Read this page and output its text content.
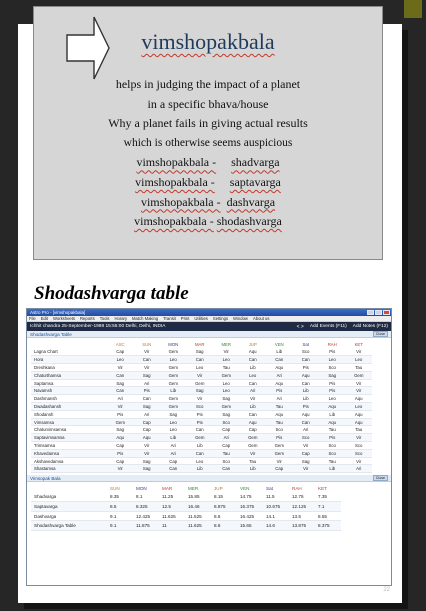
vimshopakbala
helps in judging the impact of a planet
in a specific bhava/house
Why a planet fails in giving actual results
which is otherwise seems auspicious
vimshopakbala - shadvarga
vimshopakbala - saptavarga
vimshopakbala - dashvarga
vimshopakbala - shodashvarga
Shodashvarga table
Astro Pro - [vimshopakbala]
File Edit Worksheets Reports Tools Horary Match Making Transit Print Utilities Settings Window About us
Ichhit chandra 25-September-1988 15:55:00 Delhi, Delhi, INDIA	< > Add Events (F11) Add Notes (F12)
Shodashvarga Table	Close
	ASC	SUN	MON	MAR	MER	JUP	VEN	Sat	RAH	KET
Lagna Chart	Cap	Vir	Gem	Sag	Vir	Aqu	Lib	Sco	Pis	Vir
Hora	Leo	Can	Leo	Can	Leo	Can	Can	Can	Leo	Leo
Dreshkana	Vir	Vir	Gem	Leo	Tau	Lib	Aqu	Pis	Sco	Tau
Chaturthamsa	Can	Sag	Gem	Vir	Gem	Leo	Ari	Aqu	Sag	Gem
Saptamsa	Sag	Ari	Gem	Gem	Leo	Can	Aqu	Can	Pis	Vir
Navamsh	Can	Pis	Lib	Sag	Leo	Ari	Pis	Lib	Pis	Vir
Dashmansh	Ari	Can	Gem	Vir	Sag	Vir	Ari	Lib	Leo	Aqu
Dwadashansh	Vir	Sag	Gem	Sco	Gem	Lib	Tau	Pis	Aqu	Leo
Shodansh	Pis	Ari	Sag	Pis	Sag	Can	Aqu	Aqu	Lib	Aqu
Vimsamsa	Gem	Cap	Leo	Pis	Sco	Aqu	Tau	Can	Aqu	Aqu
Chaturvimsamsa	Sag	Cap	Leo	Can	Cap	Cap	Sco	Ari	Tau	Tau
Saptavimsamsa	Aqu	Aqu	Lib	Gem	Ari	Gem	Pis	Sco	Pis	Vir
Trimsamsa	Cap	Vir	Ari	Lib	Cap	Gem	Gem	Vir	Sco	Sco
Khavedamsa	Pis	Vir	Ari	Can	Tau	Vir	Gem	Cap	Sco	Sco
Akshavedamsa	Cap	Sag	Cap	Leo	Sco	Tau	Vir	Sag	Tau	Vir
Shastamsa	Vir	Sag	Can	Lib	Can	Lib	Cap	Vir	Lib	Ari
Vimsopak Bala	Close
	SUN	MON	MAR	MER	JUP	VEN	Sat	RAH	KET
Shadvarga	8.35	8.1	11.25	15.85	8.15	14.75	11.5	12.75	7.35
Saptavarga	8.5	8.325	12.5	16.46	8.875	16.375	10.675	12.125	7.1
Dashvarga	9.1	12.425	11.625	11.525	8.6	16.425	14.1	13.5	8.55
Shodashvarga Table	9.1	11.875	11	11.625	8.6	15.65	14.6	13.875	8.375
22
